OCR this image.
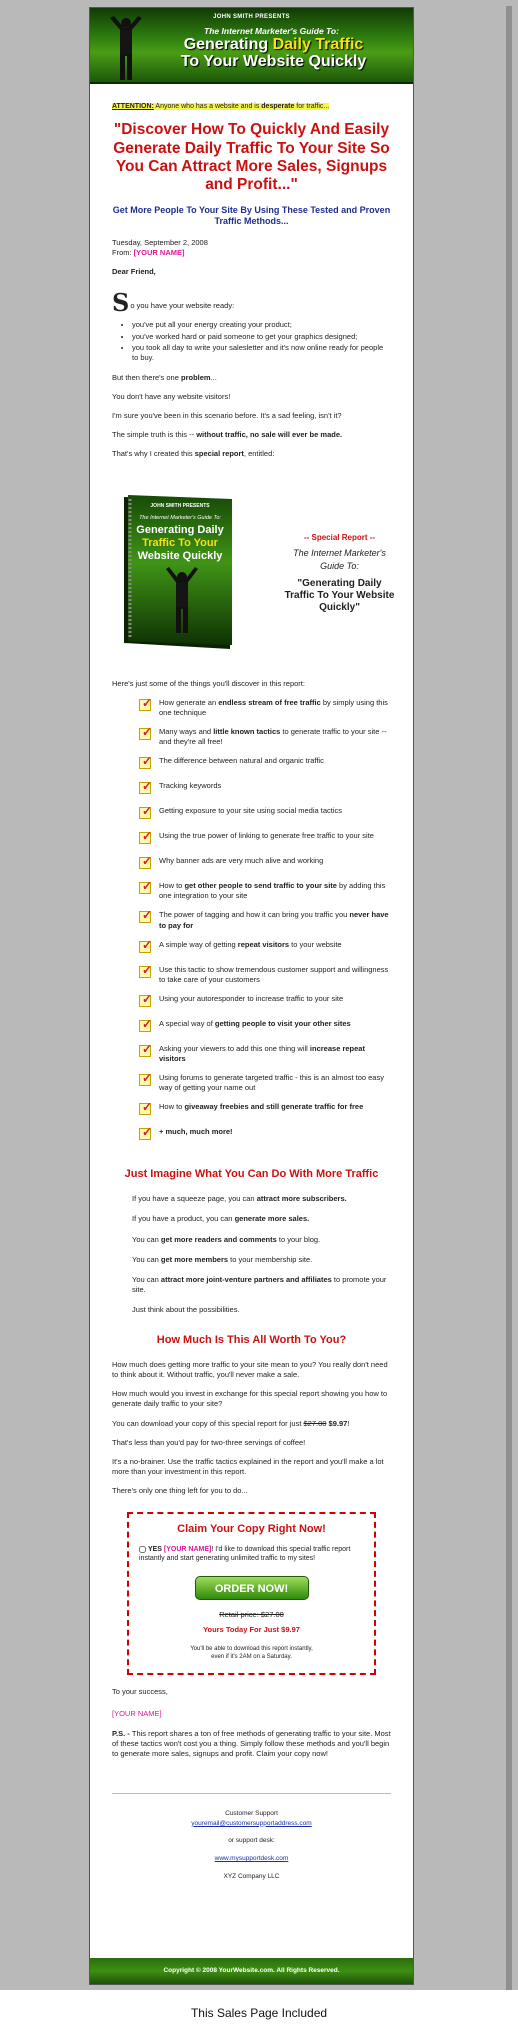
JOHN SMITH PRESENTS
The Internet Marketer's Guide To:
Generating Daily Traffic
To Your Website Quickly
ATTENTION: Anyone who has a website and is desperate for traffic...
"Discover How To Quickly And Easily Generate Daily Traffic To Your Site So You Can Attract More Sales, Signups and Profit..."
Get More People To Your Site By Using These Tested and Proven Traffic Methods...
Tuesday, September 2, 2008

From: [YOUR NAME]

Dear Friend,

S o you have your website ready:

• you've put all your energy creating your product;
• you've worked hard or paid someone to get your graphics designed;
• you took all day to write your salesletter and it's now online ready for people to buy.

But then there's one problem...

You don't have any website visitors!

I'm sure you've been in this scenario before. It's a sad feeling, isn't it?

The simple truth is this -- without traffic, no sale will ever be made.

That's why I created this special report, entitled:

JOHN SMITH PRESENTS
The Internet Marketer's Guide To:
Generating Daily
Traffic To Your
Website Quickly
-- Special Report --
The Internet Marketer's Guide To:
"Generating Daily Traffic To Your Website Quickly"

Here's just some of the things you'll discover in this report:

✓
How generate an endless stream of free traffic by simply using this one technique
✓
Many ways and little known tactics to generate traffic to your site -- and they're all free!
✓
The difference between natural and organic traffic
✓
Tracking keywords
✓
Getting exposure to your site using social media tactics
✓
Using the true power of linking to generate free traffic to your site
✓
Why banner ads are very much alive and working
✓
How to get other people to send traffic to your site by adding this one integration to your site
✓
The power of tagging and how it can bring you traffic you never have to pay for
✓
A simple way of getting repeat visitors to your website
✓
Use this tactic to show tremendous customer support and willingness to take care of your customers
✓
Using your autoresponder to increase traffic to your site
✓
A special way of getting people to visit your other sites
✓
Asking your viewers to add this one thing will increase repeat visitors
✓
Using forums to generate targeted traffic - this is an almost too easy way of getting your name out
✓
How to giveaway freebies and still generate traffic for free
✓
+ much, much more!
Just Imagine What You Can Do With More Traffic

If you have a squeeze page, you can attract more subscribers.

If you have a product, you can generate more sales.

You can get more readers and comments to your blog.

You can get more members to your membership site.

You can attract more joint-venture partners and affiliates to promote your site.

Just think about the possibilities.

How Much Is This All Worth To You?

How much does getting more traffic to your site mean to you? You really don't need to think about it. Without traffic, you'll never make a sale.

How much would you invest in exchange for this special report showing you how to generate daily traffic to your site?

You can download your copy of this special report for just $27.00 $9.97!

That's less than you'd pay for two-three servings of coffee!

It's a no-brainer. Use the traffic tactics explained in the report and you'll make a lot more than your investment in this report.

There's only one thing left for you to do...

Claim Your Copy Right Now!
YES [YOUR NAME]! I'd like to download this special traffic report instantly and start generating unlimited traffic to my sites!
ORDER NOW!
Retail price: $27.00
Yours Today For Just $9.97
You'll be able to download this report instantly,
even if it's 2AM on a Saturday.

To your success,

[YOUR NAME]

P.S. - This report shares a ton of free methods of generating traffic to your site. Most of these tactics won't cost you a thing. Simply follow these methods and you'll begin to generate more sales, signups and profit. Claim your copy now!

Customer Support

youremail@customersupportaddress.com

or support desk:

www.mysupportdesk.com

XYZ Company LLC

Copyright © 2008 YourWebsite.com. All Rights Reserved.
This Sales Page Included
